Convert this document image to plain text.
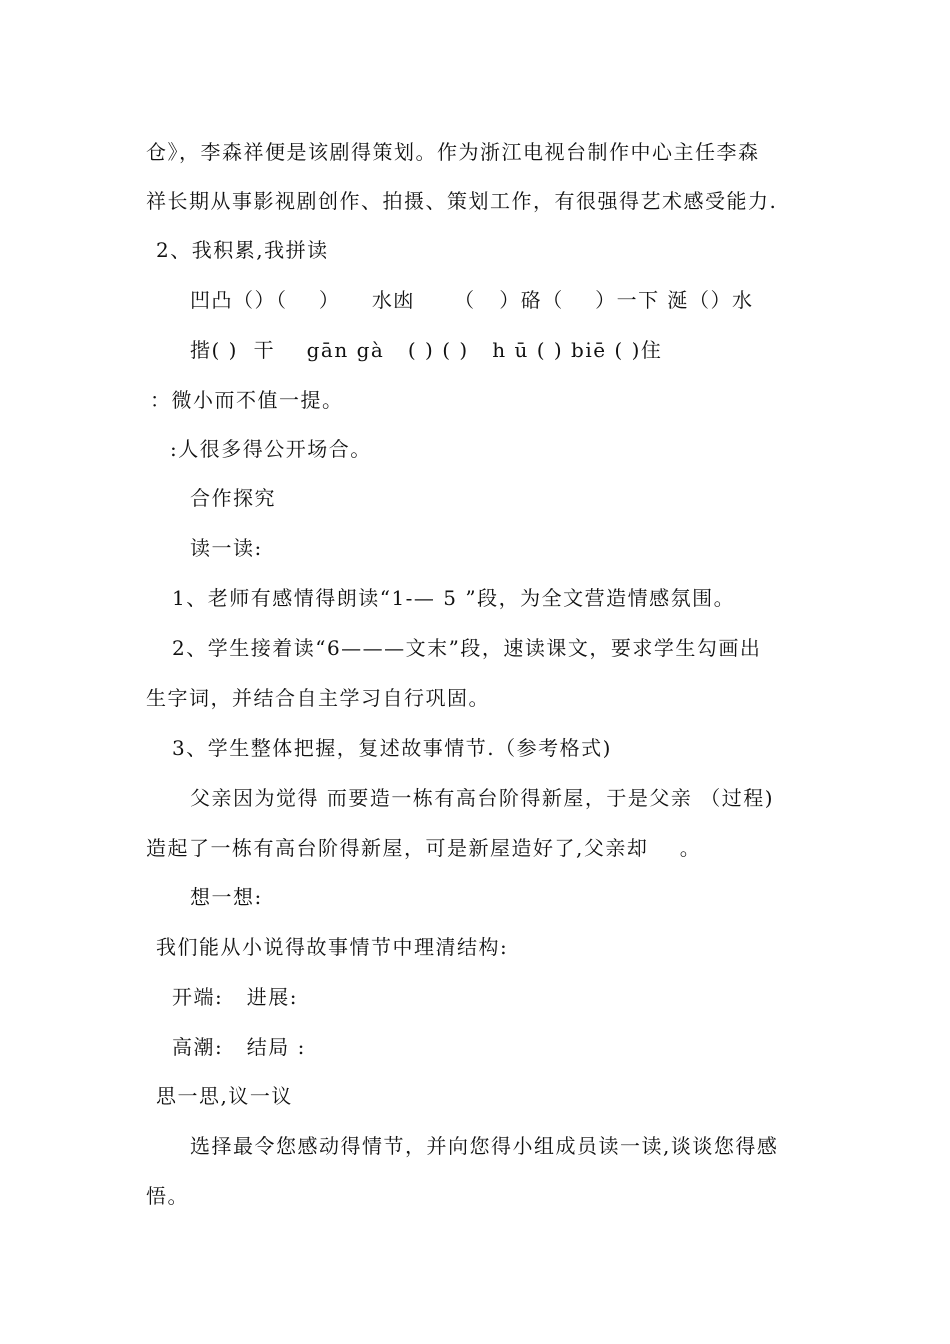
仓》，李森祥便是该剧得策划。作为浙江电视台制作中心主任李森
祥长期从事影视剧创作、拍摄、策划工作，有很强得艺术感受能力.
2、我积累,我拼读
凹凸（）（    ）    水凼     （   ）硌（    ）一下 涎（）水
揩( )  干    gān gà   ( ) ( )   h ū ( ) biē ( )住
：微小而不值一提。
:人很多得公开场合。
合作探究
读一读:
1、老师有感情得朗读“1-— 5 ”段，为全文营造情感氛围。
2、学生接着读“6———文末”段，速读课文，要求学生勾画出
生字词，并结合自主学习自行巩固。
3、学生整体把握，复述故事情节.（参考格式)
父亲因为觉得 而要造一栋有高台阶得新屋，于是父亲 （过程)
造起了一栋有高台阶得新屋，可是新屋造好了,父亲却    。
想一想:
我们能从小说得故事情节中理清结构:
开端:   进展:
高潮:   结局 :
思一思,议一议
选择最令您感动得情节，并向您得小组成员读一读,谈谈您得感
悟。
